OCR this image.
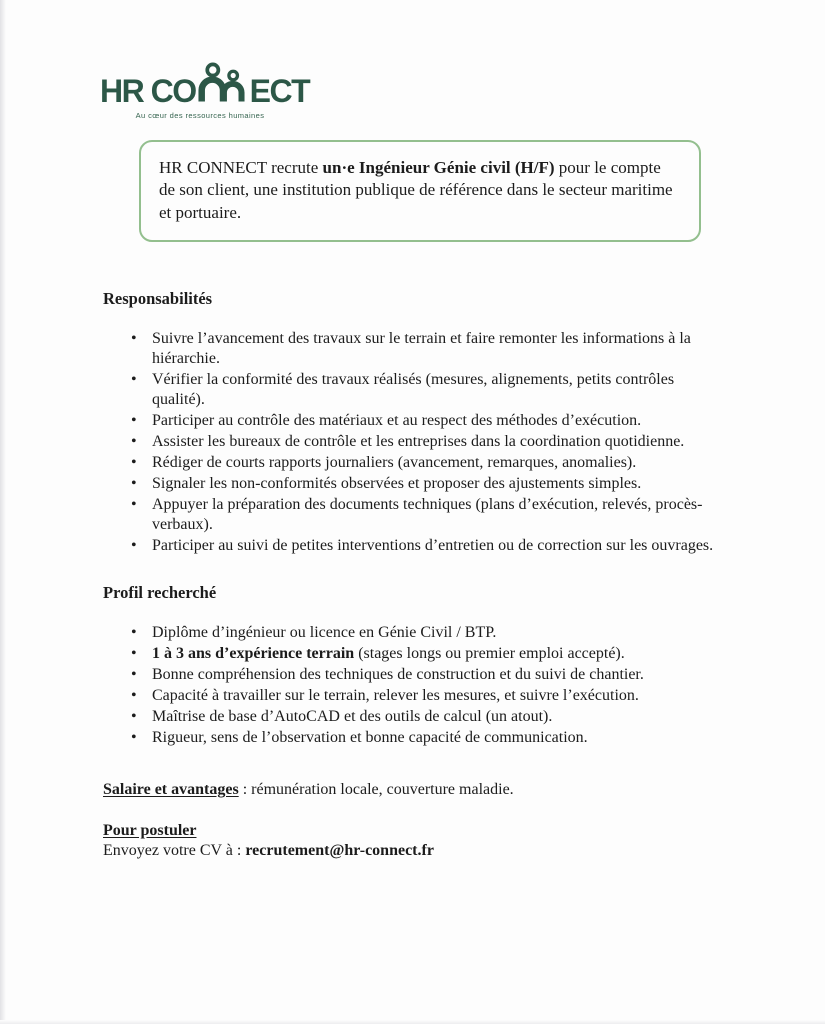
HR CO ECT
Au cœur des ressources humaines
HR CONNECT recrute un·e Ingénieur Génie civil (H/F) pour le compte de son client, une institution publique de référence dans le secteur maritime et portuaire.
Responsabilités
• Suivre l’avancement des travaux sur le terrain et faire remonter les informations à la hiérarchie.
• Vérifier la conformité des travaux réalisés (mesures, alignements, petits contrôles qualité).
• Participer au contrôle des matériaux et au respect des méthodes d’exécution.
• Assister les bureaux de contrôle et les entreprises dans la coordination quotidienne.
• Rédiger de courts rapports journaliers (avancement, remarques, anomalies).
• Signaler les non-conformités observées et proposer des ajustements simples.
• Appuyer la préparation des documents techniques (plans d’exécution, relevés, procès-verbaux).
• Participer au suivi de petites interventions d’entretien ou de correction sur les ouvrages.
Profil recherché
• Diplôme d’ingénieur ou licence en Génie Civil / BTP.
• 1 à 3 ans d’expérience terrain (stages longs ou premier emploi accepté).
• Bonne compréhension des techniques de construction et du suivi de chantier.
• Capacité à travailler sur le terrain, relever les mesures, et suivre l’exécution.
• Maîtrise de base d’AutoCAD et des outils de calcul (un atout).
• Rigueur, sens de l’observation et bonne capacité de communication.

Salaire et avantages : rémunération locale, couverture maladie.

Pour postuler

Envoyez votre CV à : recrutement@hr-connect.fr
